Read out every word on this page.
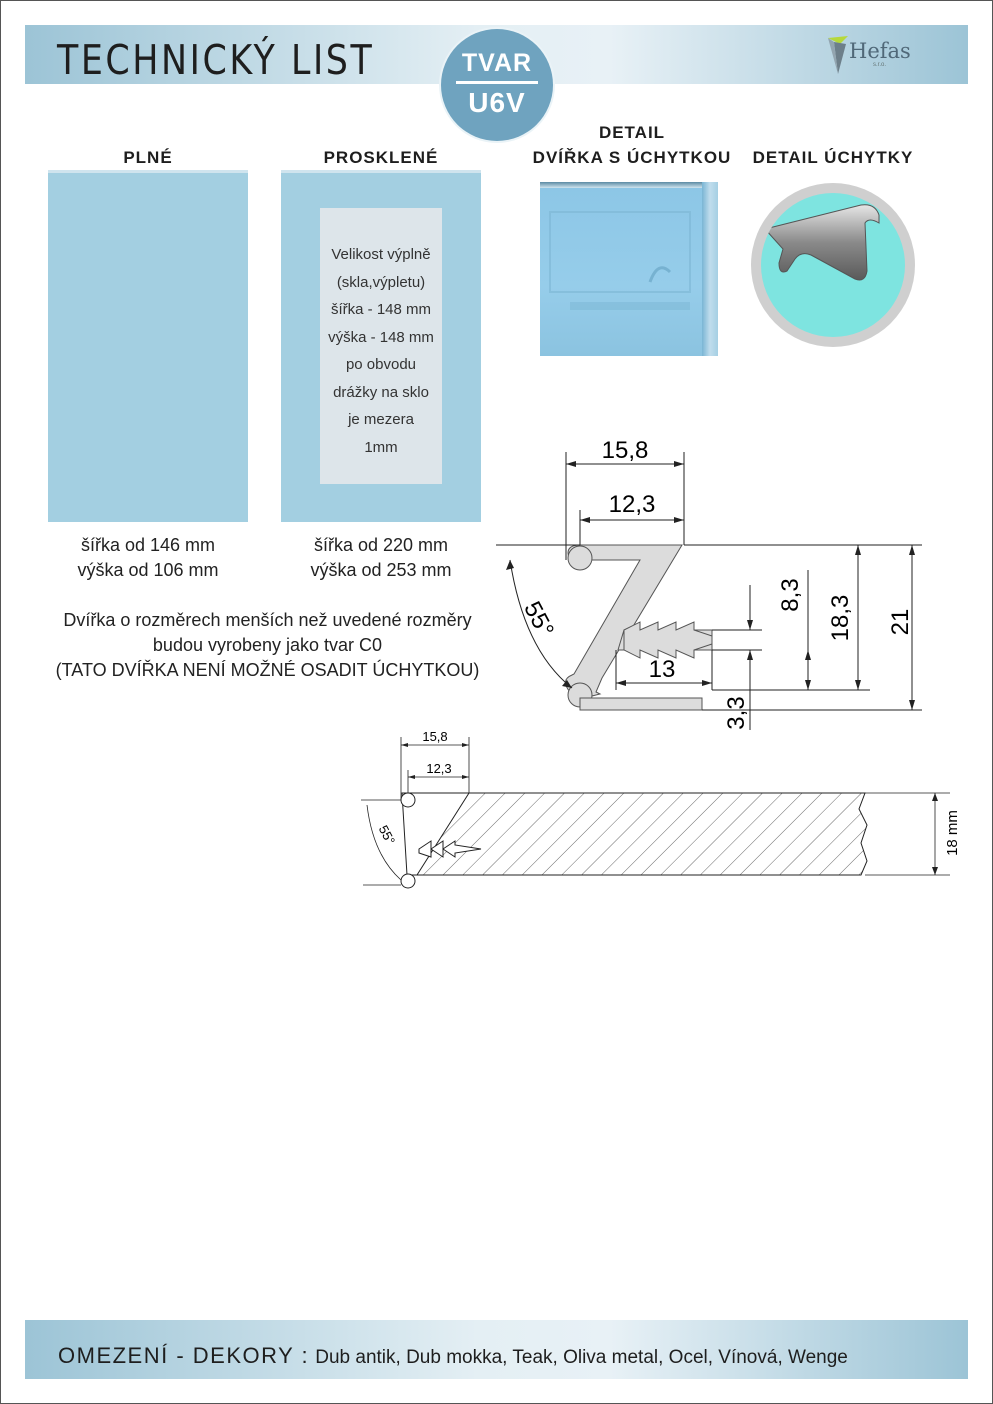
TECHNICKÝ LIST	TVAR
U6V
Hefas
s.r.o.
PLNÉ	PROSKLENÉ
DETAIL
DVÍŘKA S ÚCHYTKOU DETAIL ÚCHYTKY
šířka od 146 mm
výška od 106 mm
Velikost výplně
(skla,výpletu)
šířka - 148 mm
výška - 148 mm
po obvodu
drážky na sklo
je mezera
1mm
šířka od 220 mm
výška od 253 mm
Dvířka o rozměrech menších než uvedené rozměry
budou vyrobeny jako tvar C0
(TATO DVÍŘKA NENÍ MOŽNÉ OSADIT ÚCHYTKOU)
15,8
12,3
13
8,3 18,3 21
3,3
55°
15,8
12,3
55°	18 mm
OMEZENÍ - DEKORY : Dub antik, Dub mokka, Teak, Oliva metal, Ocel, Vínová, Wenge
